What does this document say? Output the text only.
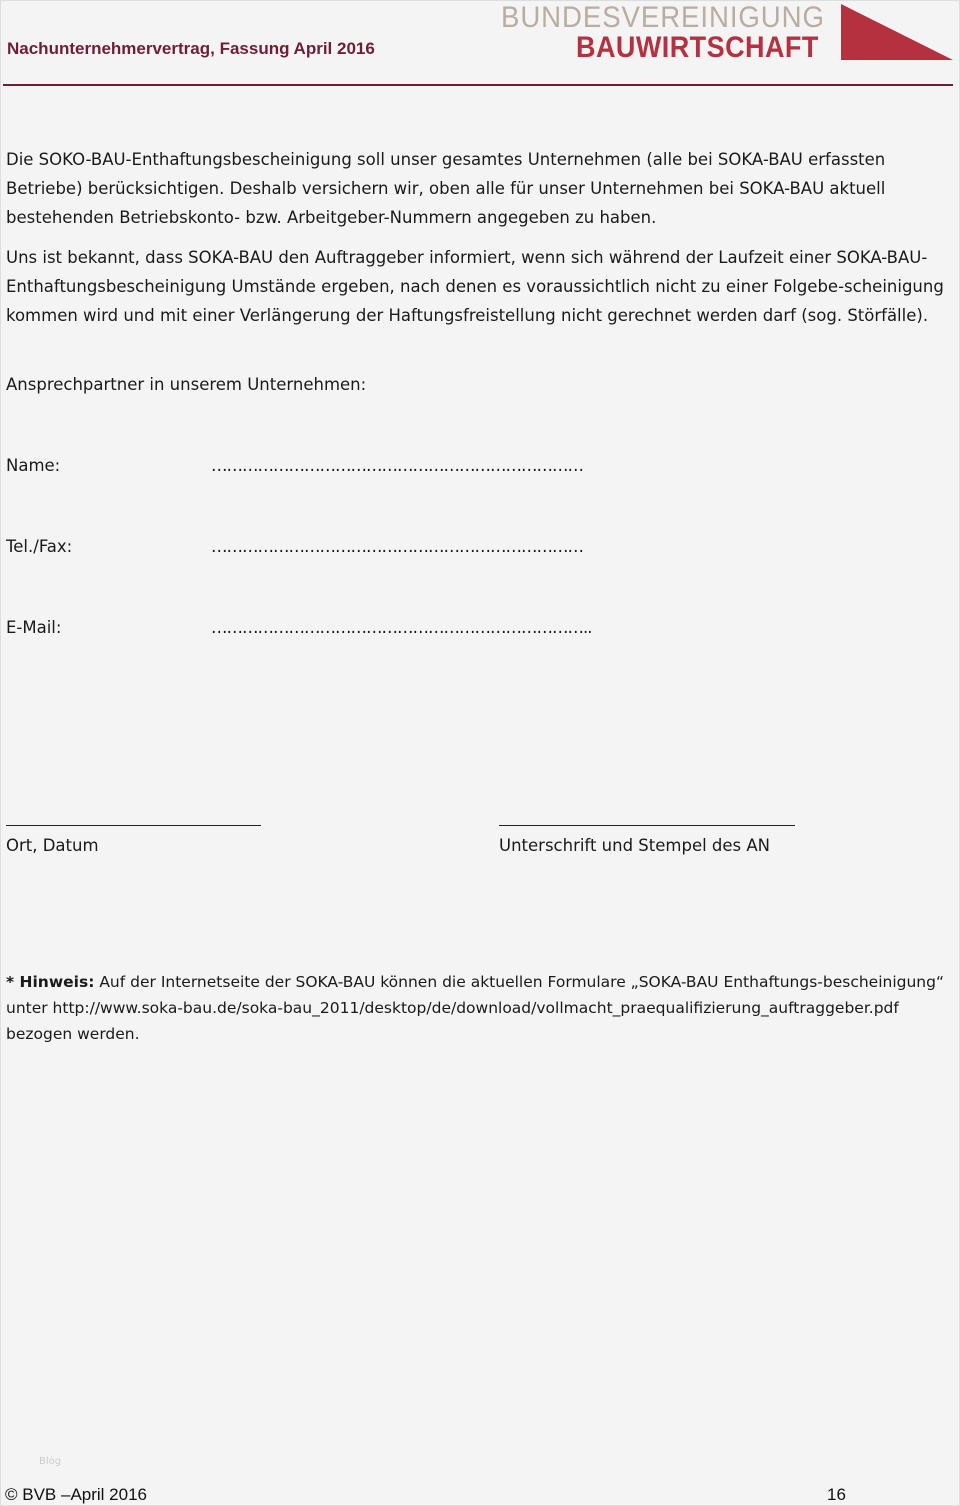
Nachunternehmervertrag, Fassung April 2016
BUNDESVEREINIGUNG
BAUWIRTSCHAFT
Die SOKO-BAU-Enthaftungsbescheinigung soll unser gesamtes Unternehmen (alle bei SOKA-BAU erfassten Betriebe) berücksichtigen. Deshalb versichern wir, oben alle für unser Unternehmen bei SOKA-BAU aktuell bestehenden Betriebskonto- bzw. Arbeitgeber-Nummern angegeben zu haben.
Uns ist bekannt, dass SOKA-BAU den Auftraggeber informiert, wenn sich während der Laufzeit einer SOKA-BAU-Enthaftungsbescheinigung Umstände ergeben, nach denen es voraussichtlich nicht zu einer Folgebe-scheinigung kommen wird und mit einer Verlängerung der Haftungsfreistellung nicht gerechnet werden darf (sog. Störfälle).
Ansprechpartner in unserem Unternehmen:
Name:	………………………………………………………………
Tel./Fax:	………………………………………………………………
E-Mail:	………………………………………………………………..
Ort, Datum	Unterschrift und Stempel des AN
* Hinweis: Auf der Internetseite der SOKA-BAU können die aktuellen Formulare „SOKA-BAU Enthaftungs-bescheinigung“ unter http://www.soka-bau.de/soka-bau_2011/desktop/de/download/vollmacht_praequalifizierung_auftraggeber.pdf bezogen werden.
Blog
© BVB –April 2016	16
